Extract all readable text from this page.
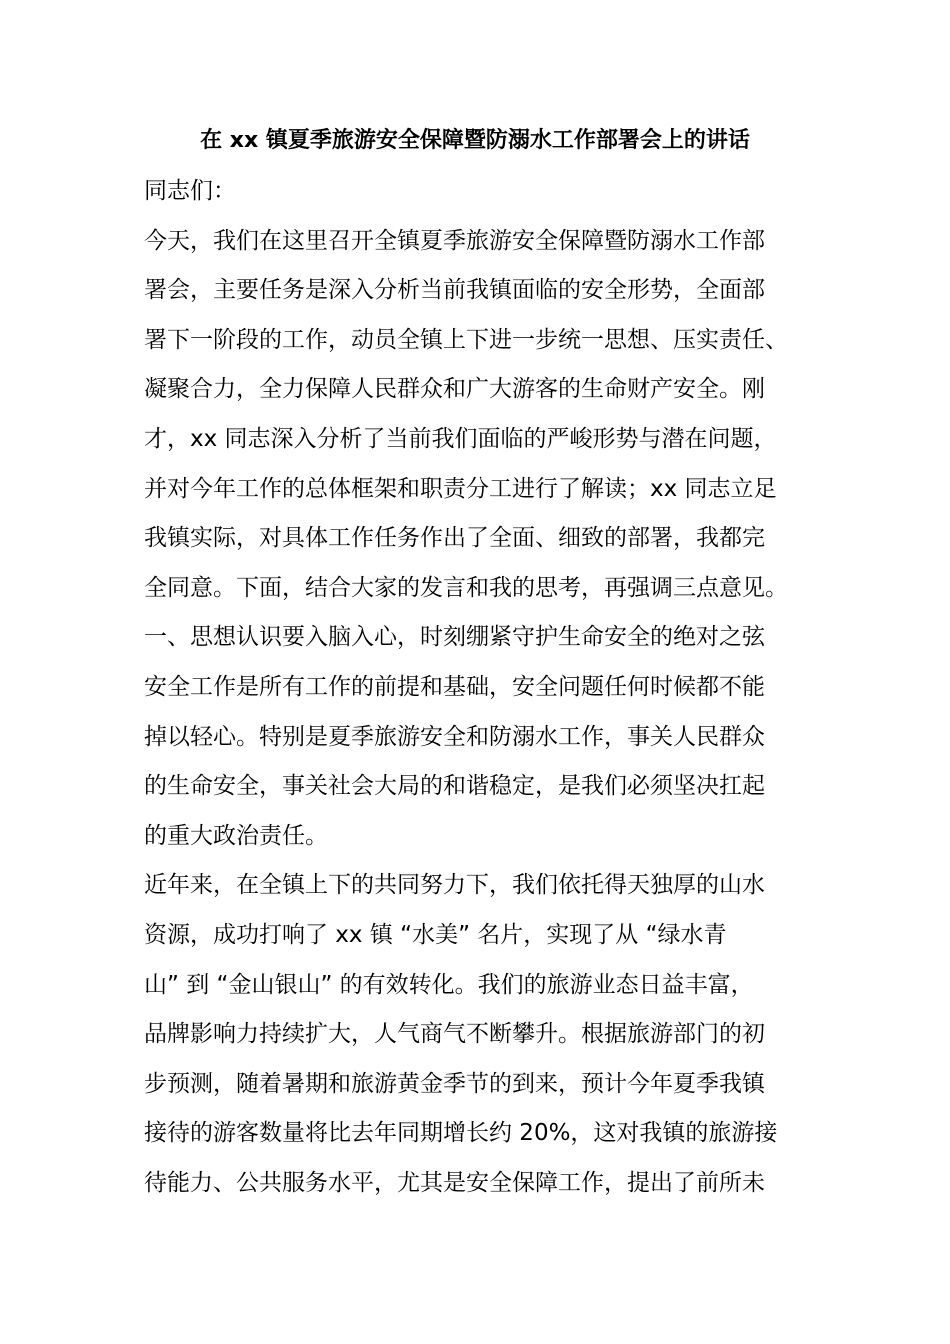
在 xx 镇夏季旅游安全保障暨防溺水工作部署会上的讲话
同志们：
今天，我们在这里召开全镇夏季旅游安全保障暨防溺水工作部
署会，主要任务是深入分析当前我镇面临的安全形势，全面部
署下一阶段的工作，动员全镇上下进一步统一思想、压实责任、
凝聚合力，全力保障人民群众和广大游客的生命财产安全。刚
才，xx 同志深入分析了当前我们面临的严峻形势与潜在问题，
并对今年工作的总体框架和职责分工进行了解读；xx 同志立足
我镇实际，对具体工作任务作出了全面、细致的部署，我都完
全同意。下面，结合大家的发言和我的思考，再强调三点意见。
一、思想认识要入脑入心，时刻绷紧守护生命安全的绝对之弦
安全工作是所有工作的前提和基础，安全问题任何时候都不能
掉以轻心。特别是夏季旅游安全和防溺水工作，事关人民群众
的生命安全，事关社会大局的和谐稳定，是我们必须坚决扛起
的重大政治责任。
近年来，在全镇上下的共同努力下，我们依托得天独厚的山水
资源，成功打响了 xx 镇 “水美” 名片，实现了从 “绿水青
山” 到 “金山银山” 的有效转化。我们的旅游业态日益丰富，
品牌影响力持续扩大，人气商气不断攀升。根据旅游部门的初
步预测，随着暑期和旅游黄金季节的到来，预计今年夏季我镇
接待的游客数量将比去年同期增长约 20%，这对我镇的旅游接
待能力、公共服务水平，尤其是安全保障工作，提出了前所未
